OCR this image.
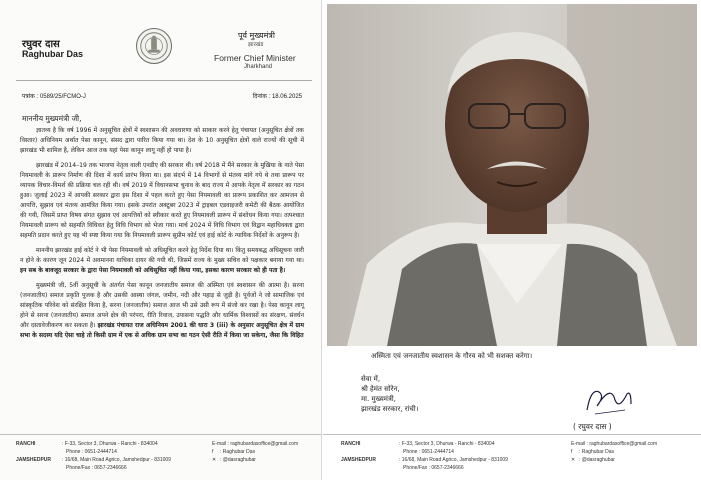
रघुवर दास
Raghubar Das
पूर्व मुख्यमंत्री
झारखंड
Former Chief Minister
Jharkhand
पत्रांक : 0589/25/FCMO-J	दिनांक : 18.06.2025
माननीय मुख्यमंत्री जी,

ज्ञातव्य है कि वर्ष 1996 में अनुसूचित क्षेत्रों में स्वशासन की अवधारणा को साकार करने हेतु पंचायत (अनुसूचित क्षेत्रों तक विस्तार) अधिनियम अर्थात पेसा कानून, संसद द्वारा पारित किया गया था। देश के 10 अनुसूचित क्षेत्रों वाले राज्यों की सूची में झारखंड भी शामिल है, लेकिन आज तक यहां पेसा कानून लागू नहीं हो पाया है।

झारखंड में 2014–19 तक भाजपा नेतृत्व वाली एनडीए की सरकार थी। वर्ष 2018 में मैंने सरकार के मुखिया के नाते पेसा नियमावली के प्रारूप निर्माण की दिशा में कार्य प्रारंभ किया था। इस संदर्भ में 14 विभागों से मंतव्य मांगे गये थे तथा प्रारूप पर व्यापक विचार-विमर्श की प्रक्रिया चल रही थी। वर्ष 2019 में विधानसभा चुनाव के बाद राज्य में आपके नेतृत्व में सरकार का गठन हुआ। जुलाई 2023 में आपकी सरकार द्वारा इस दिशा में पहल करते हुए पेसा नियमावली का प्रारूप प्रकाशित कर आमजन से आपत्ति, सुझाव एवं मंतव्य आमंत्रित किया गया। इसके उपरांत अक्टूबर 2023 में ट्राइबल एडवाइजरी कमेटी की बैठक आयोजित की गयी, जिसमें प्राप्त विषय संगत सुझाव एवं आपत्तियों को स्वीकार करते हुए नियमावली प्रारूप में संशोधन किया गया। तत्पश्चात नियमावली प्रारूप को सहमति विधिवत हेतु विधि विभाग को भेजा गया। मार्च 2024 में विधि विभाग एवं विद्वान महाधिवक्ता द्वारा सहमति प्रदान करते हुए यह भी स्पष्ट किया गया कि नियमावली प्रारूप सुप्रीम कोर्ट एवं हाई कोर्ट के न्यायिक निर्देशों के अनुरूप है।

माननीय झारखंड हाई कोर्ट ने भी पेसा नियमावली को अधिसूचित करने हेतु निर्देश दिया था। किंतु समयबद्ध अधिसूचना जारी न होने के कारण जून 2024 में अवमानना याचिका दायर की गयी थी, जिसमें राज्य के मुख्य सचिव को पक्षकार बनाया गया था। इन सब के बावजूद सरकार के द्वारा पेसा नियमावली को अधिसूचित नहीं किया गया, इसका कारण सरकार को ही पता है।

मुख्यमंत्री जी, 5वीं अनुसूची के अंतर्गत पेसा कानून जनजातीय समाज की अस्मिता एवं स्वशासन की आत्मा है। सरना (जनजातीय) समाज प्रकृति पूजक है और उसकी आस्था जंगल, जमीन, नदी और पहाड़ से जुड़ी है। पूर्वजों ने जो सामाजिक एवं सांस्कृतिक परिवेश को संरक्षित किया है, सरना (जनजातीय) समाज आज भी उसे उसी रूप में संजो कर रखा है। पेसा कानून लागू होने से सरना (जनजातीय) समाज अपने क्षेत्र की परंपरा, रीति रिवाज, उपासना पद्धति और धार्मिक विश्वासों का संरक्षण, संवर्धन और दस्तावेजीकरण कर सकता है। झारखंड पंचायत राज अधिनियम 2001 की धारा 3 (iii) के अनुसार अनुसूचित क्षेत्र में ग्राम सभा के सदस्य यदि ऐसा चाहे तो किसी ग्राम में एक से अधिक ग्राम सभा का गठन ऐसी रीति में किया जा सकेगा, जैसा कि विहित

RANCHI	: F-33, Sector 3, Dhurwa - Ranchi - 834004
Phone : 0651-2444714
JAMSHEDPUR : 16/68, Main Road Agrico, Jamshedpur - 831009
Phone/Fax : 0657-2346666
E-mail : raghubardasoffice@gmail.com
f : Raghubar Das
✕ : @dasraghubar
अस्मिता एवं जनजातीय स्वशासन के गौरव को भी सशक्त करेगा।
सेवा में,
श्री हेमंत सोरेन,
मा. मुख्यमंत्री,
झारखंड सरकार, रांची।
( रघुवर दास )
RANCHI	: F-33, Sector 3, Dhurwa - Ranchi - 834004
Phone : 0651-2444714
JAMSHEDPUR	: 16/68, Main Road Agrico, Jamshedpur - 831009
Phone/Fax : 0657-2346666
E-mail : raghubardasoffice@gmail.com
f : Raghubar Das
✕ : @dasraghubar
